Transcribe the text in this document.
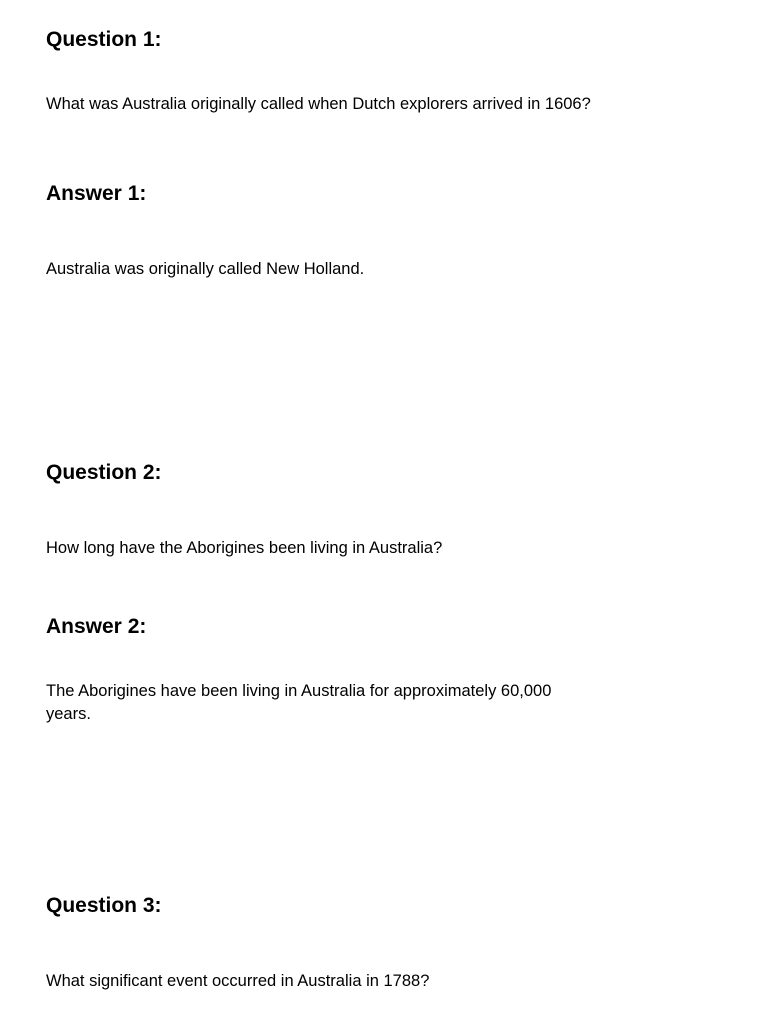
Question 1:

What was Australia originally called when Dutch explorers arrived in 1606?

Answer 1:

Australia was originally called New Holland.

Question 2:

How long have the Aborigines been living in Australia?

Answer 2:

The Aborigines have been living in Australia for approximately 60,000 years.

Question 3:

What significant event occurred in Australia in 1788?
